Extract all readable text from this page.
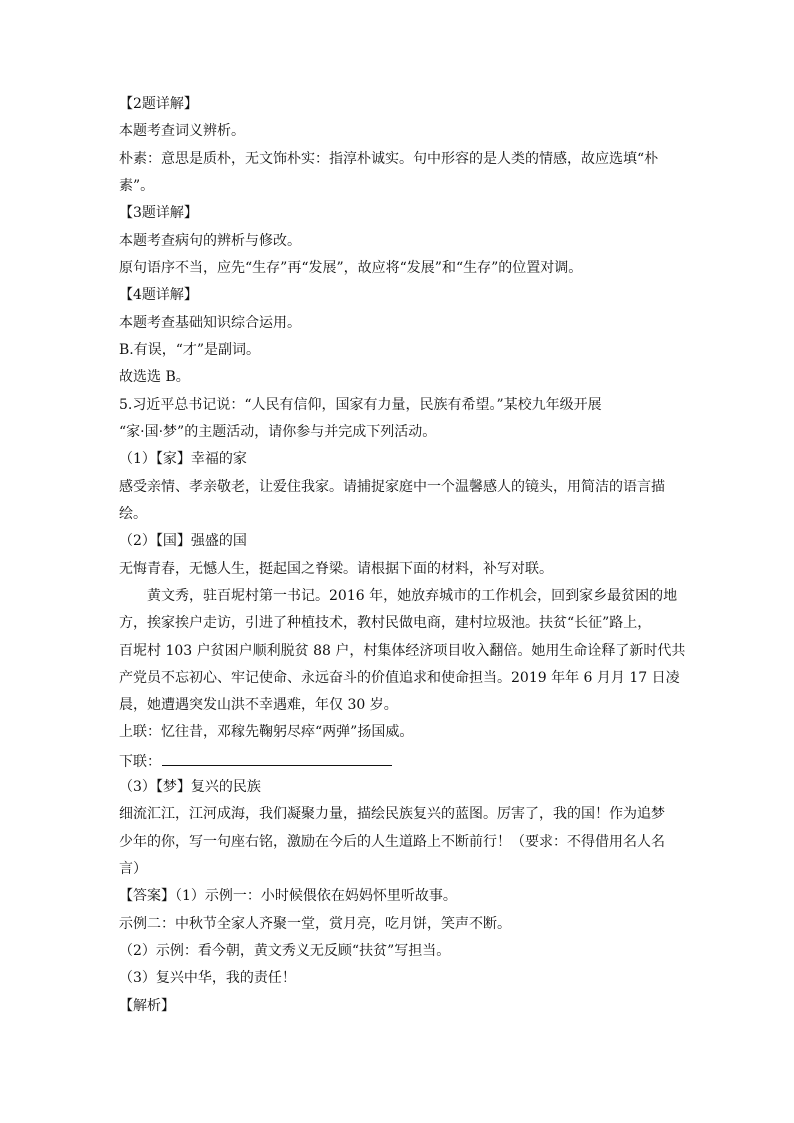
【2题详解】
本题考查词义辨析。
朴素：意思是质朴，无文饰朴实：指淳朴诚实。句中形容的是人类的情感，故应选填“朴
素”。
【3题详解】
本题考查病句的辨析与修改。
原句语序不当，应先“生存”再“发展”，故应将“发展”和“生存”的位置对调。
【4题详解】
本题考查基础知识综合运用。
B.有误，“才”是副词。
故选选 B。
5.习近平总书记说：“人民有信仰，国家有力量，民族有希望。”某校九年级开展
“家·国·梦”的主题活动，请你参与并完成下列活动。
（1）【家】幸福的家
感受亲情、孝亲敬老，让爱住我家。请捕捉家庭中一个温馨感人的镜头，用简洁的语言描
绘。
（2）【国】强盛的国
无悔青春，无憾人生，挺起国之脊梁。请根据下面的材料，补写对联。
黄文秀，驻百坭村第一书记。2016 年，她放弃城市的工作机会，回到家乡最贫困的地
方，挨家挨户走访，引进了种植技术，教村民做电商，建村垃圾池。扶贫“长征”路上，
百坭村 103 户贫困户顺利脱贫 88 户，村集体经济项目收入翻倍。她用生命诠释了新时代共
产党员不忘初心、牢记使命、永远奋斗的价值追求和使命担当。2019 年年 6 月月 17 日凌
晨，她遭遇突发山洪不幸遇难，年仅 30 岁。
上联：忆往昔，邓稼先鞠躬尽瘁“两弹”扬国威。
下联：
（3）【梦】复兴的民族
细流汇江，江河成海，我们凝聚力量，描绘民族复兴的蓝图。厉害了，我的国！作为追梦
少年的你，写一句座右铭，激励在今后的人生道路上不断前行！（要求：不得借用名人名
言）
【答案】（1）示例一：小时候偎依在妈妈怀里听故事。
示例二：中秋节全家人齐聚一堂，赏月亮，吃月饼，笑声不断。
（2）示例：看今朝，黄文秀义无反顾“扶贫”写担当。
（3）复兴中华，我的责任！
【解析】
